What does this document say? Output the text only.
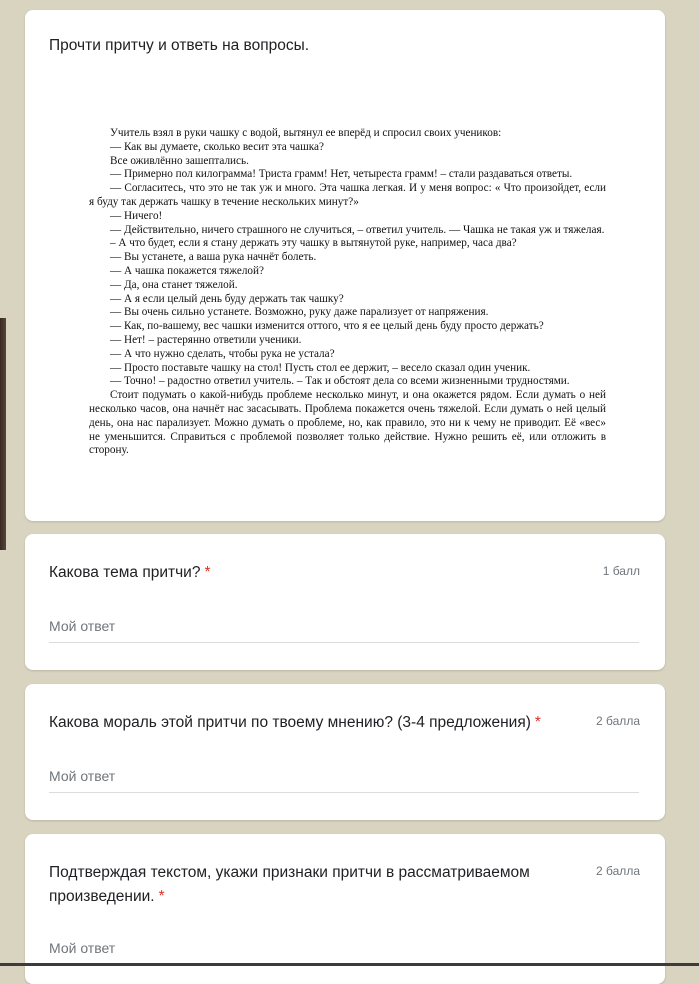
Прочти притчу и ответь на вопросы.

Учитель взял в руки чашку с водой, вытянул ее вперёд и спросил своих учеников:

— Как вы думаете, сколько весит эта чашка?

Все оживлённо зашептались.

— Примерно пол килограмма! Триста грамм! Нет, четыреста грамм! – стали раздаваться ответы.

— Согласитесь, что это не так уж и много. Эта чашка легкая. И у меня вопрос: « Что произойдет, если я буду так держать чашку в течение нескольких минут?»

— Ничего!

— Действительно, ничего страшного не случиться, – ответил учитель. — Чашка не такая уж и тяжелая.

– А что будет, если я стану держать эту чашку в вытянутой руке, например, часа два?

— Вы устанете, а ваша рука начнёт болеть.

— А чашка покажется тяжелой?

— Да, она станет тяжелой.

— А я если целый день буду держать так чашку?

— Вы очень сильно устанете. Возможно, руку даже парализует от напряжения.

— Как, по-вашему, вес чашки изменится оттого, что я ее целый день буду просто держать?

— Нет! – растерянно ответили ученики.

— А что нужно сделать, чтобы рука не устала?

— Просто поставьте чашку на стол! Пусть стол ее держит, – весело сказал один ученик.

— Точно! – радостно ответил учитель. – Так и обстоят дела со всеми жизненными трудностями.

Стоит подумать о какой-нибудь проблеме несколько минут, и она окажется рядом. Если думать о ней несколько часов, она начнёт нас засасывать. Проблема покажется очень тяжелой. Если думать о ней целый день, она нас парализует. Можно думать о проблеме, но, как правило, это ни к чему не приводит. Её «вес» не уменьшится. Справиться с проблемой позволяет только действие. Нужно решить её, или отложить в сторону.

Какова тема притчи? *	1 балл
Мой ответ
Какова мораль этой притчи по твоему мнению? (3-4 предложения) *	2 балла
Мой ответ
Подтверждая текстом, укажи признаки притчи в рассматриваемом произведении. *
2 балла
Мой ответ
